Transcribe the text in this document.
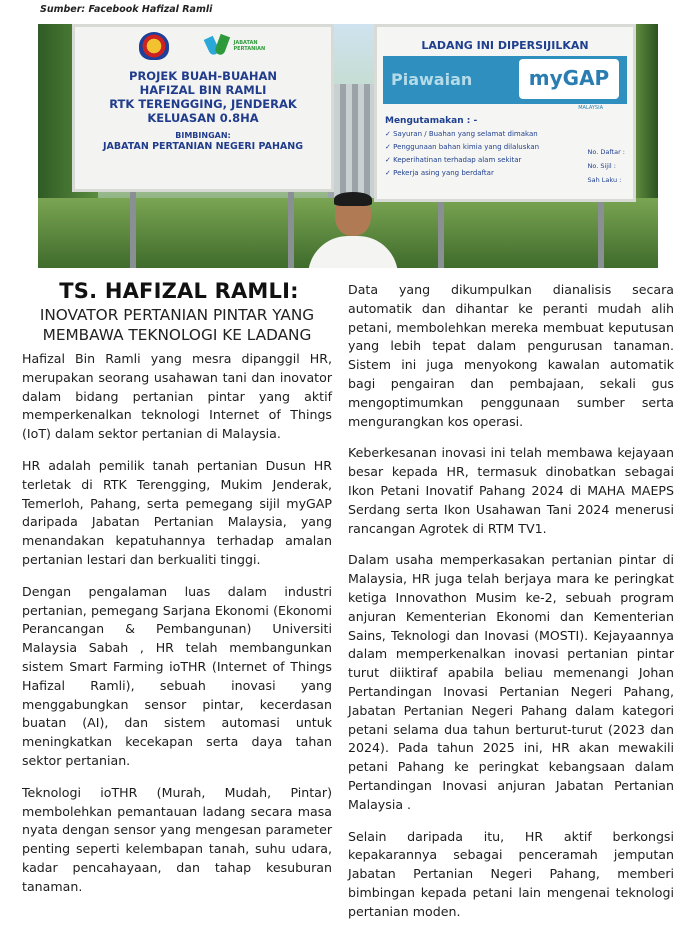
Sumber: Facebook Hafizal Ramli
JABATAN PERTANIAN
PROJEK BUAH-BUAHAN
HAFIZAL BIN RAMLI
RTK TERENGGING, JENDERAK
KELUASAN 0.8HA
BIMBINGAN:
JABATAN PERTANIAN NEGERI PAHANG
LADANG INI DIPERSIJILKAN
Piawaian	myGAP
MALAYSIA
Mengutamakan : -
✓ Sayuran / Buahan yang selamat dimakan
✓ Penggunaan bahan kimia yang dilaluskan
✓ Keperihatinan terhadap alam sekitar
✓ Pekerja asing yang berdaftar
No. Daftar :
No. Sijil :
Sah Laku :
TS. HAFIZAL RAMLI:
INOVATOR PERTANIAN PINTAR YANG
MEMBAWA TEKNOLOGI KE LADANG

Hafizal Bin Ramli yang mesra dipanggil HR, merupakan seorang usahawan tani dan inovator dalam bidang pertanian pintar yang aktif memperkenalkan teknologi Internet of Things (IoT) dalam sektor pertanian di Malaysia.

HR adalah pemilik tanah pertanian Dusun HR terletak di RTK Terengging, Mukim Jenderak, Temerloh, Pahang, serta pemegang sijil myGAP daripada Jabatan Pertanian Malaysia, yang menandakan kepatuhannya terhadap amalan pertanian lestari dan berkualiti tinggi.

Dengan pengalaman luas dalam industri pertanian, pemegang Sarjana Ekonomi (Ekonomi Perancangan & Pembangunan) Universiti Malaysia Sabah , HR telah membangunkan sistem Smart Farming ioTHR (Internet of Things Hafizal Ramli), sebuah inovasi yang menggabungkan sensor pintar, kecerdasan buatan (AI), dan sistem automasi untuk meningkatkan kecekapan serta daya tahan sektor pertanian.

Teknologi ioTHR (Murah, Mudah, Pintar) membolehkan pemantauan ladang secara masa nyata dengan sensor yang mengesan parameter penting seperti kelembapan tanah, suhu udara, kadar pencahayaan, dan tahap kesuburan tanaman.

Data yang dikumpulkan dianalisis secara automatik dan dihantar ke peranti mudah alih petani, membolehkan mereka membuat keputusan yang lebih tepat dalam pengurusan tanaman. Sistem ini juga menyokong kawalan automatik bagi pengairan dan pembajaan, sekali gus mengoptimumkan penggunaan sumber serta mengurangkan kos operasi.

Keberkesanan inovasi ini telah membawa kejayaan besar kepada HR, termasuk dinobatkan sebagai Ikon Petani Inovatif Pahang 2024 di MAHA MAEPS Serdang serta Ikon Usahawan Tani 2024 menerusi rancangan Agrotek di RTM TV1.

Dalam usaha memperkasakan pertanian pintar di Malaysia, HR juga telah berjaya mara ke peringkat ketiga Innovathon Musim ke-2, sebuah program anjuran Kementerian Ekonomi dan Kementerian Sains, Teknologi dan Inovasi (MOSTI). Kejayaannya dalam memperkenalkan inovasi pertanian pintar turut diiktiraf apabila beliau memenangi Johan Pertandingan Inovasi Pertanian Negeri Pahang, Jabatan Pertanian Negeri Pahang dalam kategori petani selama dua tahun berturut-turut (2023 dan 2024). Pada tahun 2025 ini, HR akan mewakili petani Pahang ke peringkat kebangsaan dalam Pertandingan Inovasi anjuran Jabatan Pertanian Malaysia .

Selain daripada itu, HR aktif berkongsi kepakarannya sebagai penceramah jemputan Jabatan Pertanian Negeri Pahang, memberi bimbingan kepada petani lain mengenai teknologi pertanian moden.
